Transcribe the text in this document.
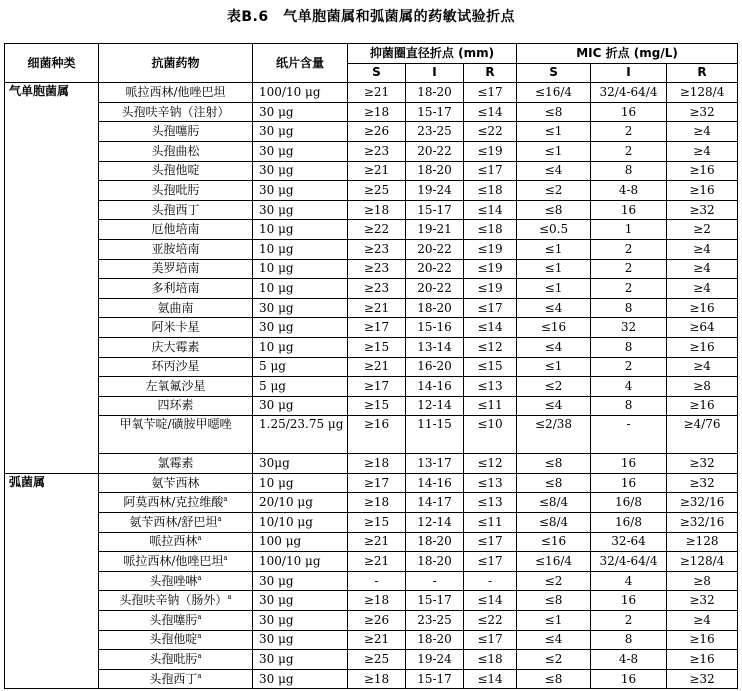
表B.6　气单胞菌属和弧菌属的药敏试验折点
细菌种类	抗菌药物	纸片含量	抑菌圈直径折点 (mm)			MIC 折点 (mg/L)		
			S	I	R	S	I	R
气单胞菌属	哌拉西林/他唑巴坦	100/10 μg	≥21	18-20	≤17	≤16/4	32/4-64/4	≥128/4
	头孢呋辛钠（注射）	30 μg	≥18	15-17	≤14	≤8	16	≥32
	头孢噻肟	30 μg	≥26	23-25	≤22	≤1	2	≥4
	头孢曲松	30 μg	≥23	20-22	≤19	≤1	2	≥4
	头孢他啶	30 μg	≥21	18-20	≤17	≤4	8	≥16
	头孢吡肟	30 μg	≥25	19-24	≤18	≤2	4-8	≥16
	头孢西丁	30 μg	≥18	15-17	≤14	≤8	16	≥32
	厄他培南	10 μg	≥22	19-21	≤18	≤0.5	1	≥2
	亚胺培南	10 μg	≥23	20-22	≤19	≤1	2	≥4
	美罗培南	10 μg	≥23	20-22	≤19	≤1	2	≥4
	多利培南	10 μg	≥23	20-22	≤19	≤1	2	≥4
	氨曲南	30 μg	≥21	18-20	≤17	≤4	8	≥16
	阿米卡星	30 μg	≥17	15-16	≤14	≤16	32	≥64
	庆大霉素	10 μg	≥15	13-14	≤12	≤4	8	≥16
	环丙沙星	5 μg	≥21	16-20	≤15	≤1	2	≥4
	左氧氟沙星	5 μg	≥17	14-16	≤13	≤2	4	≥8
	四环素	30 μg	≥15	12-14	≤11	≤4	8	≥16
	甲氧苄啶/磺胺甲噁唑	1.25/23.75 μg	≥16	11-15	≤10	≤2/38	-	≥4/76
	氯霉素	30μg	≥18	13-17	≤12	≤8	16	≥32
弧菌属	氨苄西林	10 μg	≥17	14-16	≤13	≤8	16	≥32
	阿莫西林/克拉维酸$^a$	20/10 μg	≥18	14-17	≤13	≤8/4	16/8	≥32/16
	氨苄西林/舒巴坦$^a$	10/10 μg	≥15	12-14	≤11	≤8/4	16/8	≥32/16
	哌拉西林$^a$	100 μg	≥21	18-20	≤17	≤16	32-64	≥128
	哌拉西林/他唑巴坦$^a$	100/10 μg	≥21	18-20	≤17	≤16/4	32/4-64/4	≥128/4
	头孢唑啉$^a$	30 μg	-	-	-	≤2	4	≥8
	头孢呋辛钠（肠外）$^a$	30 μg	≥18	15-17	≤14	≤8	16	≥32
	头孢噻肟$^a$	30 μg	≥26	23-25	≤22	≤1	2	≥4
	头孢他啶$^a$	30 μg	≥21	18-20	≤17	≤4	8	≥16
	头孢吡肟$^a$	30 μg	≥25	19-24	≤18	≤2	4-8	≥16
	头孢西丁$^a$	30 μg	≥18	15-17	≤14	≤8	16	≥32
